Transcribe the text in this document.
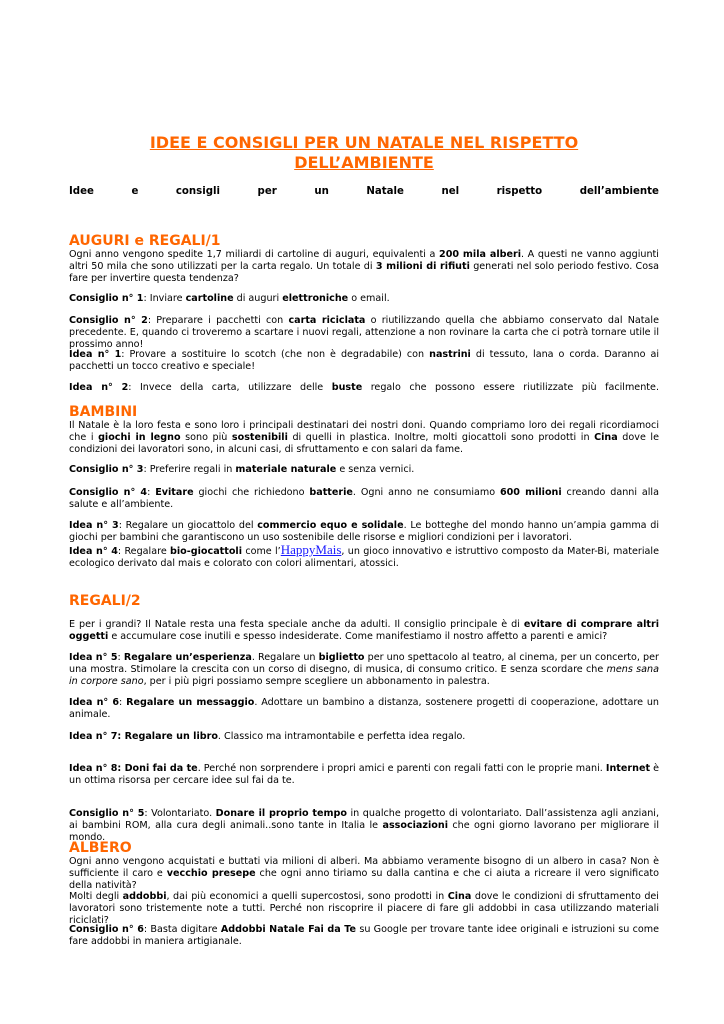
IDEE E CONSIGLI PER UN NATALE NEL RISPETTO
DELL’AMBIENTE
Idee	e	consigli	per	un	Natale	nel	rispetto	dell’ambiente
AUGURI e REGALI/1

Ogni anno vengono spedite 1,7 miliardi di cartoline di auguri, equivalenti a 200 mila alberi. A questi ne vanno aggiunti altri 50 mila che sono utilizzati per la carta regalo. Un totale di 3 milioni di rifiuti generati nel solo periodo festivo. Cosa fare per invertire questa tendenza?

Consiglio n° 1: Inviare cartoline di auguri elettroniche o email.

Consiglio n° 2: Preparare i pacchetti con carta riciclata o riutilizzando quella che abbiamo conservato dal Natale precedente. E, quando ci troveremo a scartare i nuovi regali, attenzione a non rovinare la carta che ci potrà tornare utile il prossimo anno!

Idea n° 1: Provare a sostituire lo scotch (che non è degradabile) con nastrini di tessuto, lana o corda. Daranno ai pacchetti un tocco creativo e speciale!

Idea n° 2: Invece della carta, utilizzare delle buste regalo che possono essere riutilizzate più facilmente.

BAMBINI

Il Natale è la loro festa e sono loro i principali destinatari dei nostri doni. Quando compriamo loro dei regali ricordiamoci che i giochi in legno sono più sostenibili di quelli in plastica. Inoltre, molti giocattoli sono prodotti in Cina dove le condizioni dei lavoratori sono, in alcuni casi, di sfruttamento e con salari da fame.

Consiglio n° 3: Preferire regali in materiale naturale e senza vernici.

Consiglio n° 4: Evitare giochi che richiedono batterie. Ogni anno ne consumiamo 600 milioni creando danni alla salute e all’ambiente.

Idea n° 3: Regalare un giocattolo del commercio equo e solidale. Le botteghe del mondo hanno un’ampia gamma di giochi per bambini che garantiscono un uso sostenibile delle risorse e migliori condizioni per i lavoratori.

Idea n° 4: Regalare bio-giocattoli come l’HappyMais, un gioco innovativo e istruttivo composto da Mater-Bi, materiale ecologico derivato dal mais e colorato con colori alimentari, atossici.

REGALI/2

E per i grandi? Il Natale resta una festa speciale anche da adulti. Il consiglio principale è di evitare di comprare altri oggetti e accumulare cose inutili e spesso indesiderate. Come manifestiamo il nostro affetto a parenti e amici?

Idea n° 5: Regalare un’esperienza. Regalare un biglietto per uno spettacolo al teatro, al cinema, per un concerto, per una mostra. Stimolare la crescita con un corso di disegno, di musica, di consumo critico. E senza scordare che mens sana in corpore sano, per i più pigri possiamo sempre scegliere un abbonamento in palestra.

Idea n° 6: Regalare un messaggio. Adottare un bambino a distanza, sostenere progetti di cooperazione, adottare un animale.

Idea n° 7: Regalare un libro. Classico ma intramontabile e perfetta idea regalo.

Idea n° 8: Doni fai da te. Perché non sorprendere i propri amici e parenti con regali fatti con le proprie mani. Internet è un ottima risorsa per cercare idee sul fai da te.

Consiglio n° 5: Volontariato. Donare il proprio tempo in qualche progetto di volontariato. Dall’assistenza agli anziani, ai bambini ROM, alla cura degli animali..sono tante in Italia le associazioni che ogni giorno lavorano per migliorare il mondo.

ALBERO

Ogni anno vengono acquistati e buttati via milioni di alberi. Ma abbiamo veramente bisogno di un albero in casa? Non è sufficiente il caro e vecchio presepe che ogni anno tiriamo su dalla cantina e che ci aiuta a ricreare il vero significato della natività?
Molti degli addobbi, dai più economici a quelli supercostosi, sono prodotti in Cina dove le condizioni di sfruttamento dei lavoratori sono tristemente note a tutti. Perché non riscoprire il piacere di fare gli addobbi in casa utilizzando materiali riciclati?

Consiglio n° 6: Basta digitare Addobbi Natale Fai da Te su Google per trovare tante idee originali e istruzioni su come fare addobbi in maniera artigianale.
